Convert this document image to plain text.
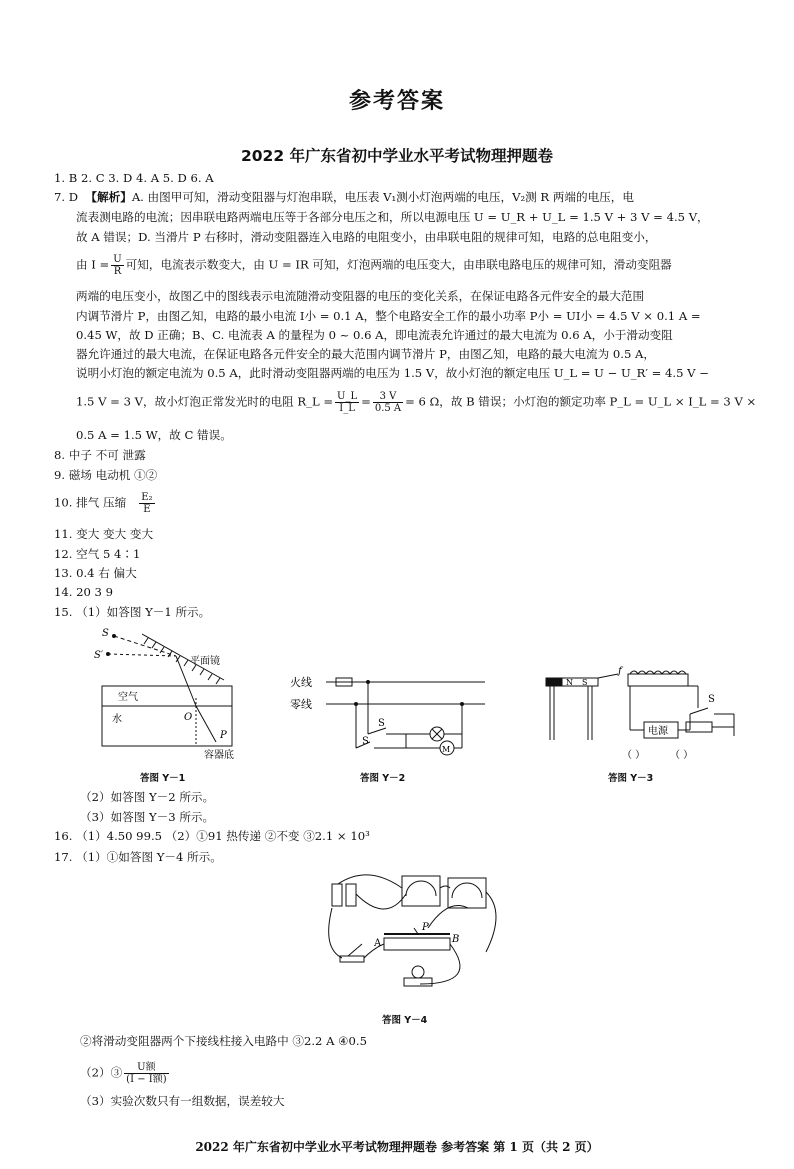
参考答案
2022 年广东省初中学业水平考试物理押题卷
1. B 2. C 3. D 4. A 5. D 6. A
7. D 【解析】A. 由图甲可知，滑动变阻器与灯泡串联，电压表 V₁测小灯泡两端的电压，V₂测 R 两端的电压，电
流表测电路的电流；因串联电路两端电压等于各部分电压之和，所以电源电压 U = U_R + U_L = 1.5 V + 3 V = 4.5 V，
故 A 错误；D. 当滑片 P 右移时，滑动变阻器连入电路的电阻变小，由串联电阻的规律可知，电路的总电阻变小，
由 $I = \frac{U}{R}$ 可知，电流表示数变大，由 U = IR 可知，灯泡两端的电压变大，由串联电路电压的规律可知，滑动变阻器
两端的电压变小，故图乙中的图线表示电流随滑动变阻器的电压的变化关系，在保证电路各元件安全的最大范围
内调节滑片 P，由图乙知，电路的最小电流 I小 = 0.1 A，整个电路安全工作的最小功率 P小 = UI小 = 4.5 V × 0.1 A =
0.45 W，故 D 正确；B、C. 电流表 A 的量程为 0 ~ 0.6 A，即电流表允许通过的最大电流为 0.6 A，小于滑动变阻
器允许通过的最大电流，在保证电路各元件安全的最大范围内调节滑片 P，由图乙知，电路的最大电流为 0.5 A，
说明小灯泡的额定电流为 0.5 A，此时滑动变阻器两端的电压为 1.5 V，故小灯泡的额定电压 U_L = U − U_R′ = 4.5 V −
1.5 V = 3 V，故小灯泡正常发光时的电阻 R_L = $\frac{U\_L}{I\_L} = \frac{3 V}{0.5 A} = 6$ Ω，故 B 错误；小灯泡的额定功率 P_L = U_L × I_L = 3 V ×
0.5 A = 1.5 W，故 C 错误。
8. 中子 不可 泄露
9. 磁场 电动机 ①②
10. 排气 压缩 $\frac{\text{E₂}}{E}$
11. 变大 变大 变大
12. 空气 5 4∶1
13. 0.4 右 偏大
14. 20 3 9
15. （1）如答图 Y－1 所示。
S
S′
平面镜
空气
水	O
P
容器底
答图 Y－1
M
火线
零线
S
S
答图 Y－2
N S
f
电源
S
（ ） （ ）
答图 Y－3
（2）如答图 Y－2 所示。
（3）如答图 Y－3 所示。
16. （1）4.50 99.5 （2）①91 热传递 ②不变 ③2.1 × 10³
17. （1）①如答图 Y－4 所示。
A	B
P
答图 Y－4
②将滑动变阻器两个下接线柱接入电路中 ③2.2 A ④0.5
（2）③ $\frac{\text{U额}}{\text{(I − I额)}}$
（3）实验次数只有一组数据，误差较大
2022 年广东省初中学业水平考试物理押题卷 参考答案 第 1 页（共 2 页）
